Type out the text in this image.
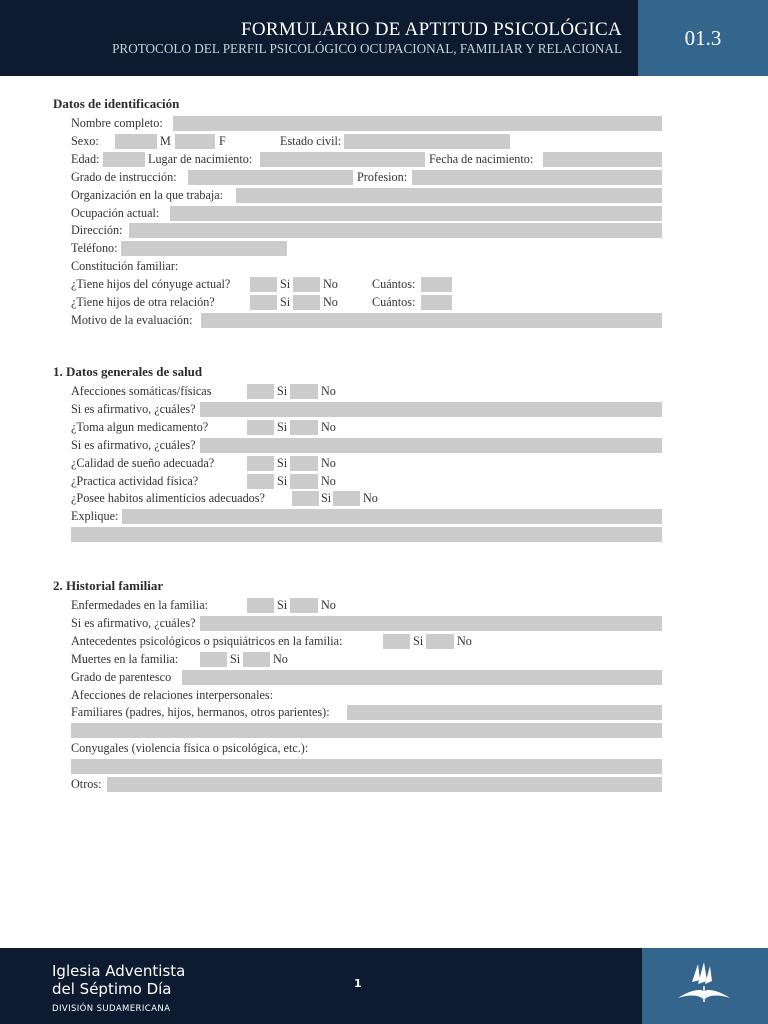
FORMULARIO DE APTITUD PSICOLÓGICA
PROTOCOLO DEL PERFIL PSICOLÓGICO OCUPACIONAL, FAMILIAR Y RELACIONAL	01.3
Datos de identificación
Nombre completo:
Sexo:	M	F	Estado civil:
Edad:	Lugar de nacimiento:	Fecha de nacimiento:
Grado de instrucción:	Profesion:
Organización en la que trabaja:
Ocupación actual:
Dirección:
Teléfono:
Constitución familiar:
¿Tiene hijos del cónyuge actual?	Si	No	Cuántos:
¿Tiene hijos de otra relación?	Si	No	Cuántos:
Motivo de la evaluación:
1. Datos generales de salud
Afecciones somáticas/físicas	Si	No
Si es afirmativo, ¿cuáles?
¿Toma algun medicamento?	Si	No
Si es afirmativo, ¿cuáles?
¿Calidad de sueño adecuada?	Si	No
¿Practica actividad física?	Si	No
¿Posee habitos alimenticios adecuados?	Si	No
Explique:
2. Historial familiar
Enfermedades en la familia:	Si	No
Si es afirmativo, ¿cuáles?
Antecedentes psicológicos o psiquiátricos en la familia:	Si	No
Muertes en la familia:	Si	No
Grado de parentesco
Afecciones de relaciones interpersonales:
Familiares (padres, hijos, hermanos, otros parientes):
Conyugales (violencia física o psicológica, etc.):
Otros:
Iglesia Adventista
del Séptimo Día
DIVISIÓN SUDAMERICANA
1
